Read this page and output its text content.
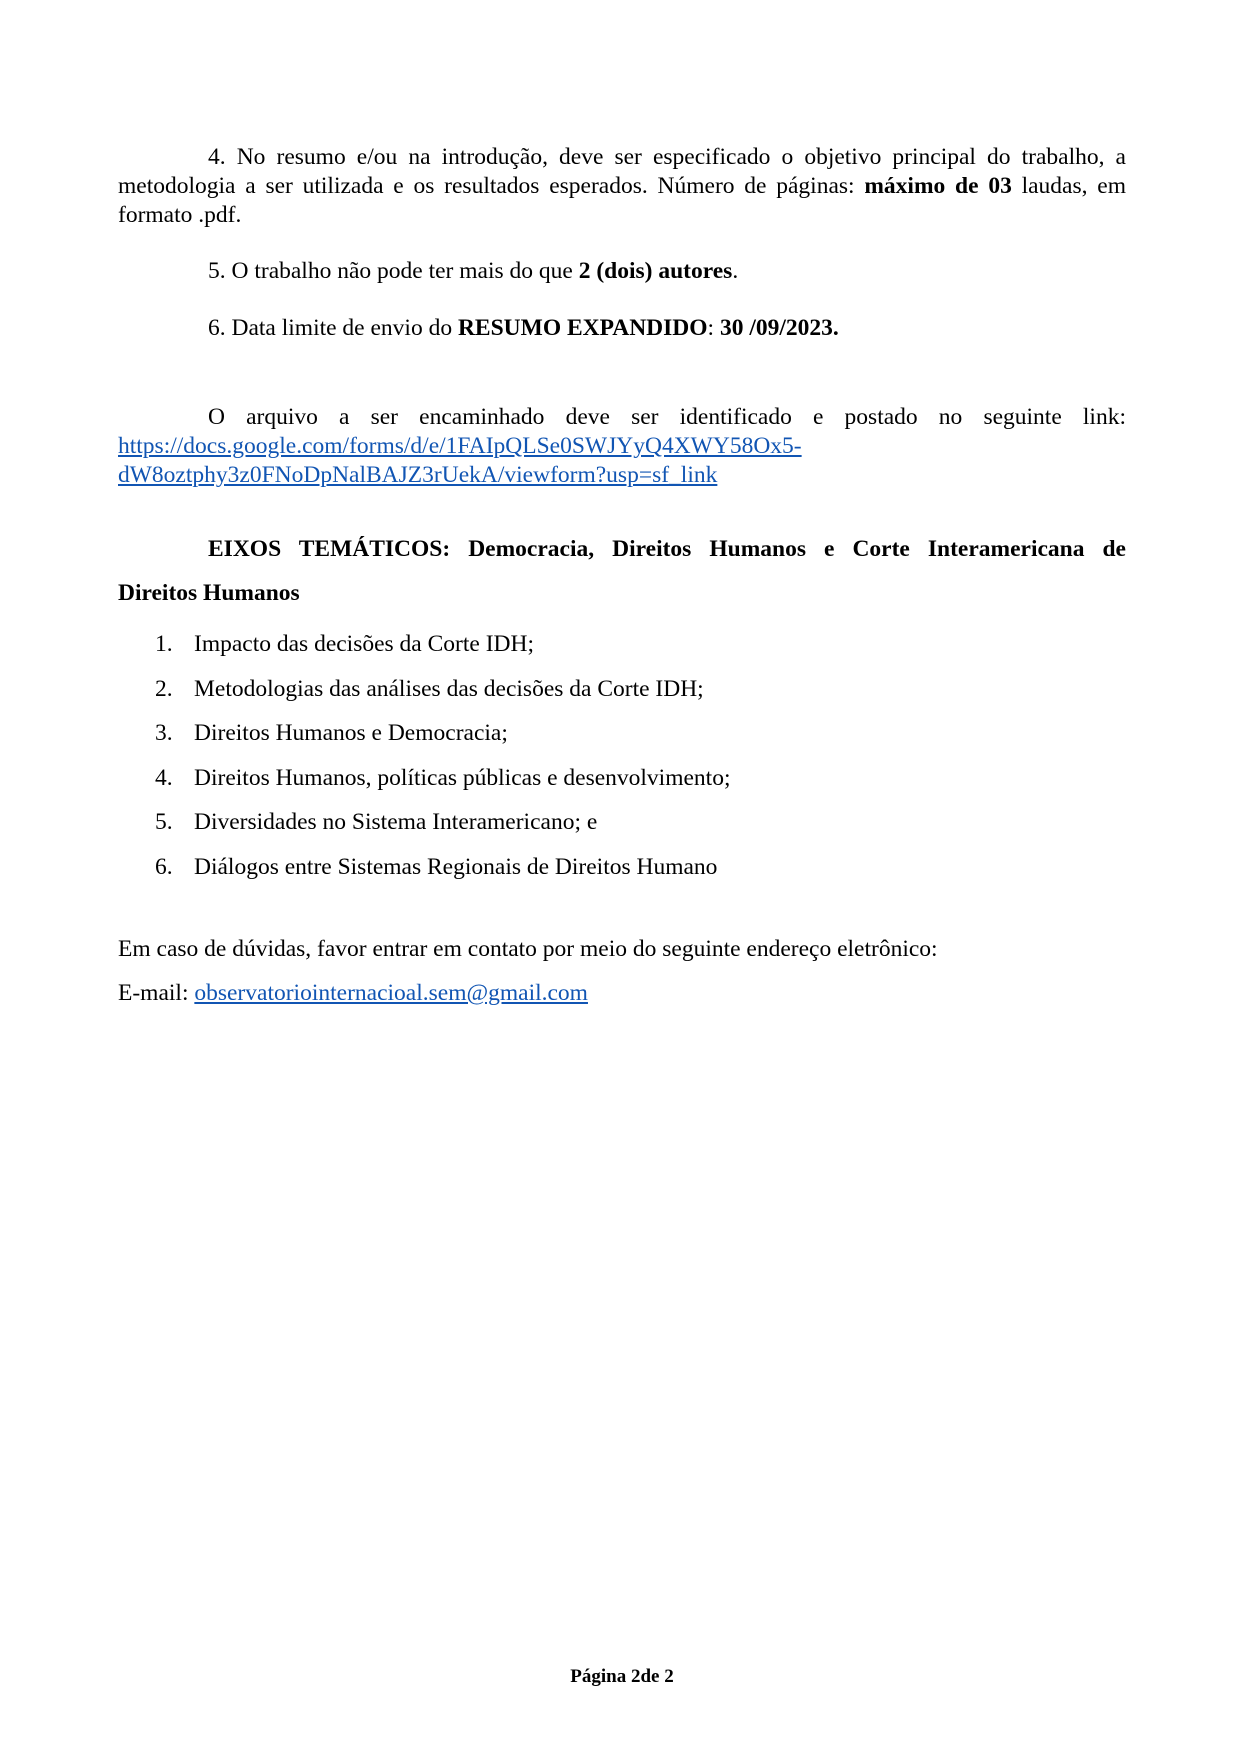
4. No resumo e/ou na introdução, deve ser especificado o objetivo principal do trabalho, a metodologia a ser utilizada e os resultados esperados. Número de páginas: máximo de 03 laudas, em formato .pdf.

5. O trabalho não pode ter mais do que 2 (dois) autores.

6. Data limite de envio do RESUMO EXPANDIDO: 30 /09/2023.

O arquivo a ser encaminhado deve ser identificado e postado no seguinte link:
https://docs.google.com/forms/d/e/1FAIpQLSe0SWJYyQ4XWY58Ox5-
dW8oztphy3z0FNoDpNalBAJZ3rUekA/viewform?usp=sf_link

EIXOS TEMÁTICOS: Democracia, Direitos Humanos e Corte Interamericana de
Direitos Humanos
1. Impacto das decisões da Corte IDH;
2. Metodologias das análises das decisões da Corte IDH;
3. Direitos Humanos e Democracia;
4. Direitos Humanos, políticas públicas e desenvolvimento;
5. Diversidades no Sistema Interamericano; e
6. Diálogos entre Sistemas Regionais de Direitos Humano

Em caso de dúvidas, favor entrar em contato por meio do seguinte endereço eletrônico:
E-mail: observatoriointernacioal.sem@gmail.com

Página 2de 2
